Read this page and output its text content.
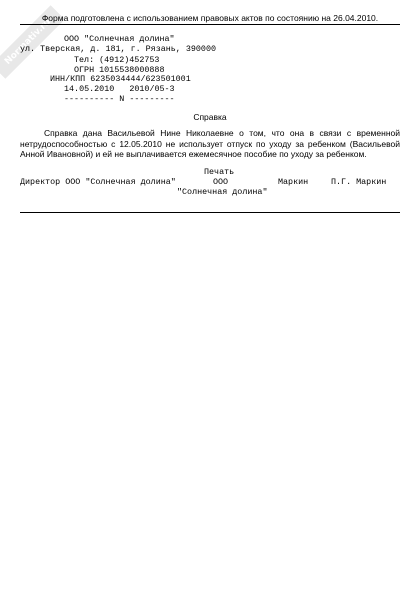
Normativ.ru
Форма подготовлена с использованием правовых актов по состоянию на 26.04.2010.
ООО "Солнечная долина"
ул. Тверская, д. 181, г. Рязань, 390000
Тел: (4912)452753
ОГРН 1015538000888
ИНН/КПП 6235034444/623501001
14.05.2010   2010/05-3
---------- N ---------
Справка
Справка дана Васильевой Нине Николаевне о том, что она в связи с временной нетрудоспособностью с 12.05.2010 не использует отпуск по уходу за ребенком (Васильевой Анной Ивановной) и ей не выплачивается ежемесячное пособие по уходу за ребенком.
Печать
Директор ООО "Солнечная долина"	ООО	Маркин	П.Г. Маркин
"Солнечная долина"
